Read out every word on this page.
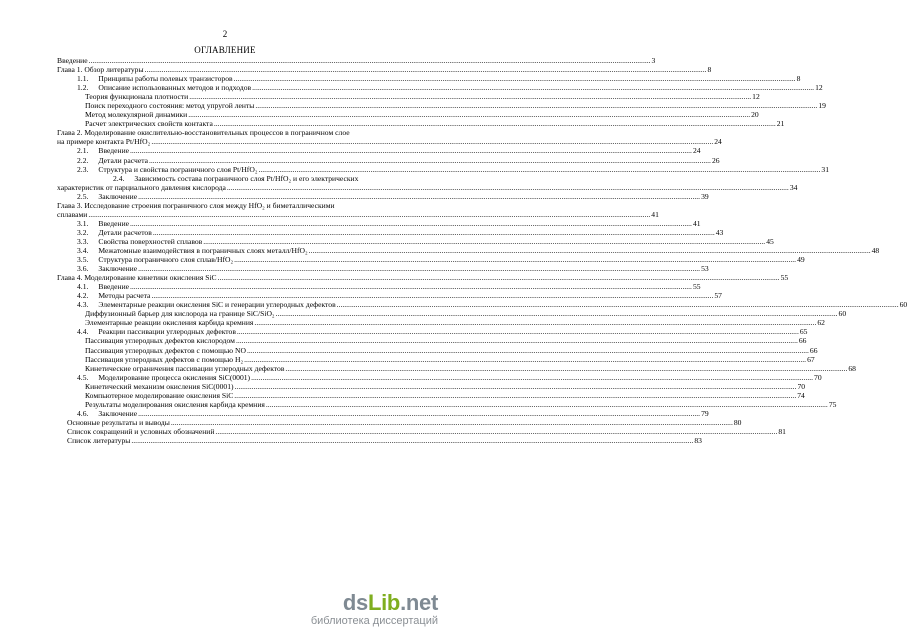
2
ОГЛАВЛЕНИЕ
Введение .....	3
Глава 1. Обзор литературы .....	8
1.1. Принципы работы полевых транзисторов .....	8
1.2. Описание использованных методов и подходов .....	12
Теория функционала плотности .....	12
Поиск переходного состояния: метод упругой ленты .....	19
Метод молекулярной динамики .....	20
Расчет электрических свойств контакта .....	21
Глава 2. Моделирование окислительно-восстановительных процессов в пограничном слое
на примере контакта Pt/HfO₂ .....	24
2.1. Введение .....	24
2.2. Детали расчета .....	26
2.3. Структура и свойства пограничного слоя Pt/HfO₂ .....	31
2.4. Зависимость состава пограничного слоя Pt/HfO₂ и его электрических
характеристик от парциального давления кислорода .....	34
2.5. Заключение .....	39
Глава 3. Исследование строения пограничного слоя между HfO₂ и биметаллическими
сплавами .....	41
3.1. Введение .....	41
3.2. Детали расчетов .....	43
3.3. Свойства поверхностей сплавов .....	45
3.4. Межатомные взаимодействия в пограничных слоях металл/HfO₂ .....	48
3.5. Структура пограничного слоя сплав/HfO₂ .....	49
3.6. Заключение .....	53
Глава 4. Моделирование кинетики окисления SiC .....	55
4.1. Введение .....	55
4.2. Методы расчета .....	57
4.3. Элементарные реакции окисления SiC и генерации углеродных дефектов .....	60
Диффузионный барьер для кислорода на границе SiC/SiO₂ .....	60
Элементарные реакции окисления карбида кремния .....	62
4.4. Реакции пассивации углеродных дефектов .....	65
Пассивация углеродных дефектов кислородом .....	66
Пассивация углеродных дефектов с помощью NO .....	66
Пассивация углеродных дефектов с помощью H₂ .....	67
Кинетические ограничения пассивации углеродных дефектов .....	68
4.5. Моделирование процесса окисления SiC(0001) .....	70
Кинетический механизм окисления SiC(0001) .....	70
Компьютерное моделирование окисления SiC .....	74
Результаты моделирования окисления карбида кремния .....	75
4.6. Заключение .....	79
Основные результаты и выводы .....	80
Список сокращений и условных обозначений .....	81
Список литературы .....	83
dsLib.net
библиотека диссертаций
